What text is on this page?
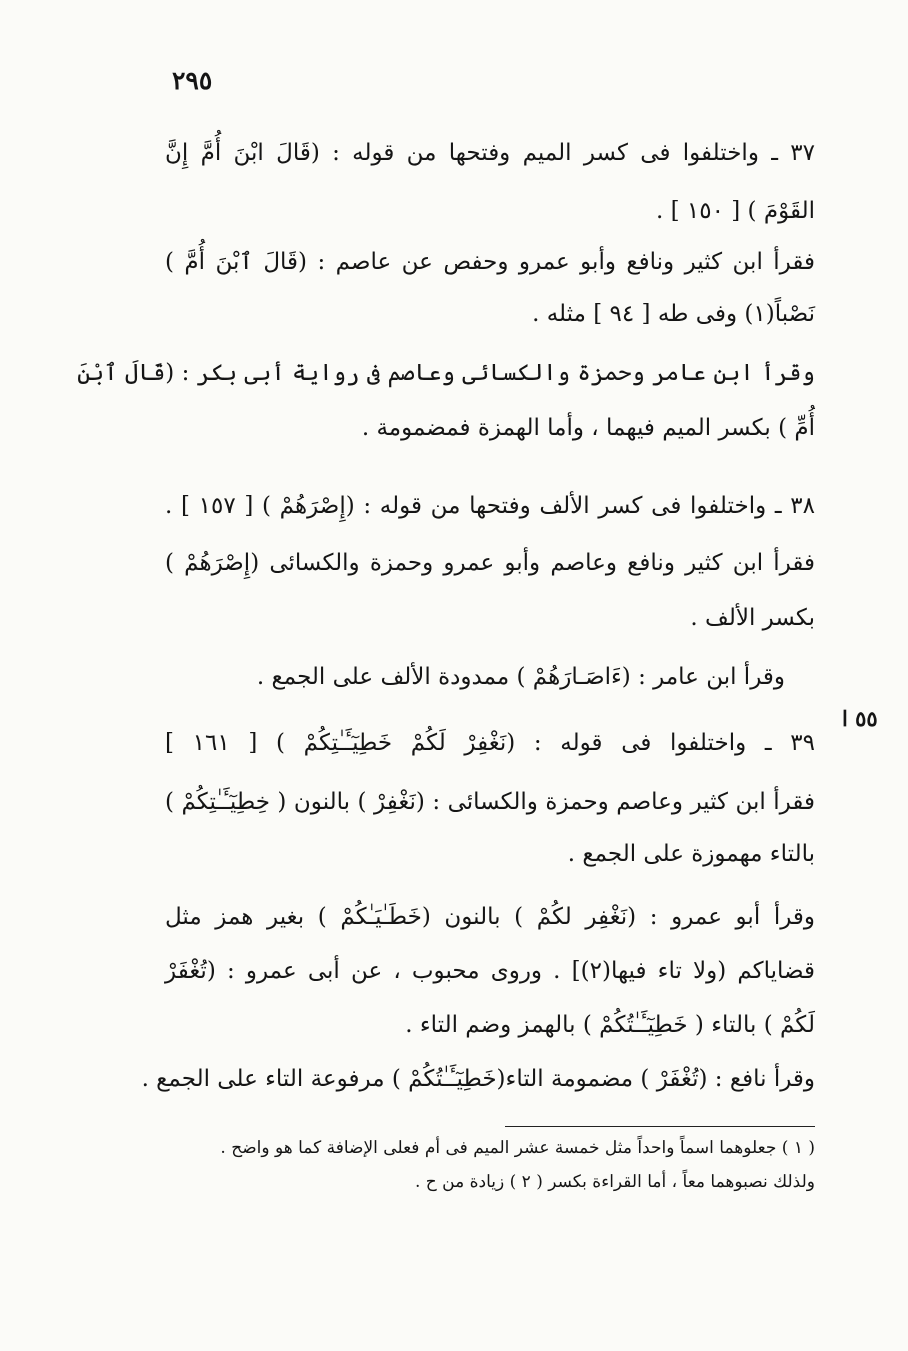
٢٩٥
٥٥ ا
٣٧ ـ واختلفوا فى كسر الميم وفتحها من قوله : (قَالَ ابْنَ أُمَّ إِنَّ
القَوْمَ ) [ ١٥٠ ] .
فقرأ ابن كثير ونافع وأبو عمرو وحفص عن عاصم : (قَالَ ٱبْنَ أُمَّ )
نَصْباً(١) وفى طه [ ٩٤ ] مثله .
وقرأ ابن عامر وحمزة والكسائى وعاصم فى رواية أبى بكر : (قَالَ ٱبْنَ
أُمِّ ) بكسر الميم فيهما ، وأما الهمزة فمضمومة .
٣٨ ـ واختلفوا فى كسر الألف وفتحها من قوله : (إِصْرَهُمْ ) [ ١٥٧ ] .
فقرأ ابن كثير ونافع وعاصم وأبو عمرو وحمزة والكسائى (إِصْرَهُمْ )
بكسر الألف .
وقرأ ابن عامر : (ءَاصَـارَهُمْ ) ممدودة الألف على الجمع .
٣٩ ـ واختلفوا فى قوله : (نَغْفِرْ لَكُمْ خَطِيٓـَٔـٰتِكُمْ ) [ ١٦١ ]
فقرأ ابن كثير وعاصم وحمزة والكسائى : (نَغْفِرْ ) بالنون ( خِطِيٓـَٔـٰتِكُمْ )
بالتاء مهموزة على الجمع .
وقرأ أبو عمرو : (نَغْفِر لكُمْ ) بالنون (خَطَـٰيَـٰكُمْ ) بغير همز مثل
قضاياكم (ولا تاء فيها(٢)] . وروى محبوب ، عن أبى عمرو : (تُغْفَرْ
لَكُمْ ) بالتاء ( خَطِيٓـَٔـٰتُكُمْ ) بالهمز وضم التاء .
وقرأ نافع : (تُغْفَرْ ) مضمومة التاء(خَطِيٓـَٔـٰتُكُمْ ) مرفوعة التاء على الجمع .
( ١ ) جعلوهما اسماً واحداً مثل خمسة عشر الميم فى أم فعلى الإضافة كما هو واضح .
ولذلك نصبوهما معاً ، أما القراءة بكسر ( ٢ ) زيادة من ح .
